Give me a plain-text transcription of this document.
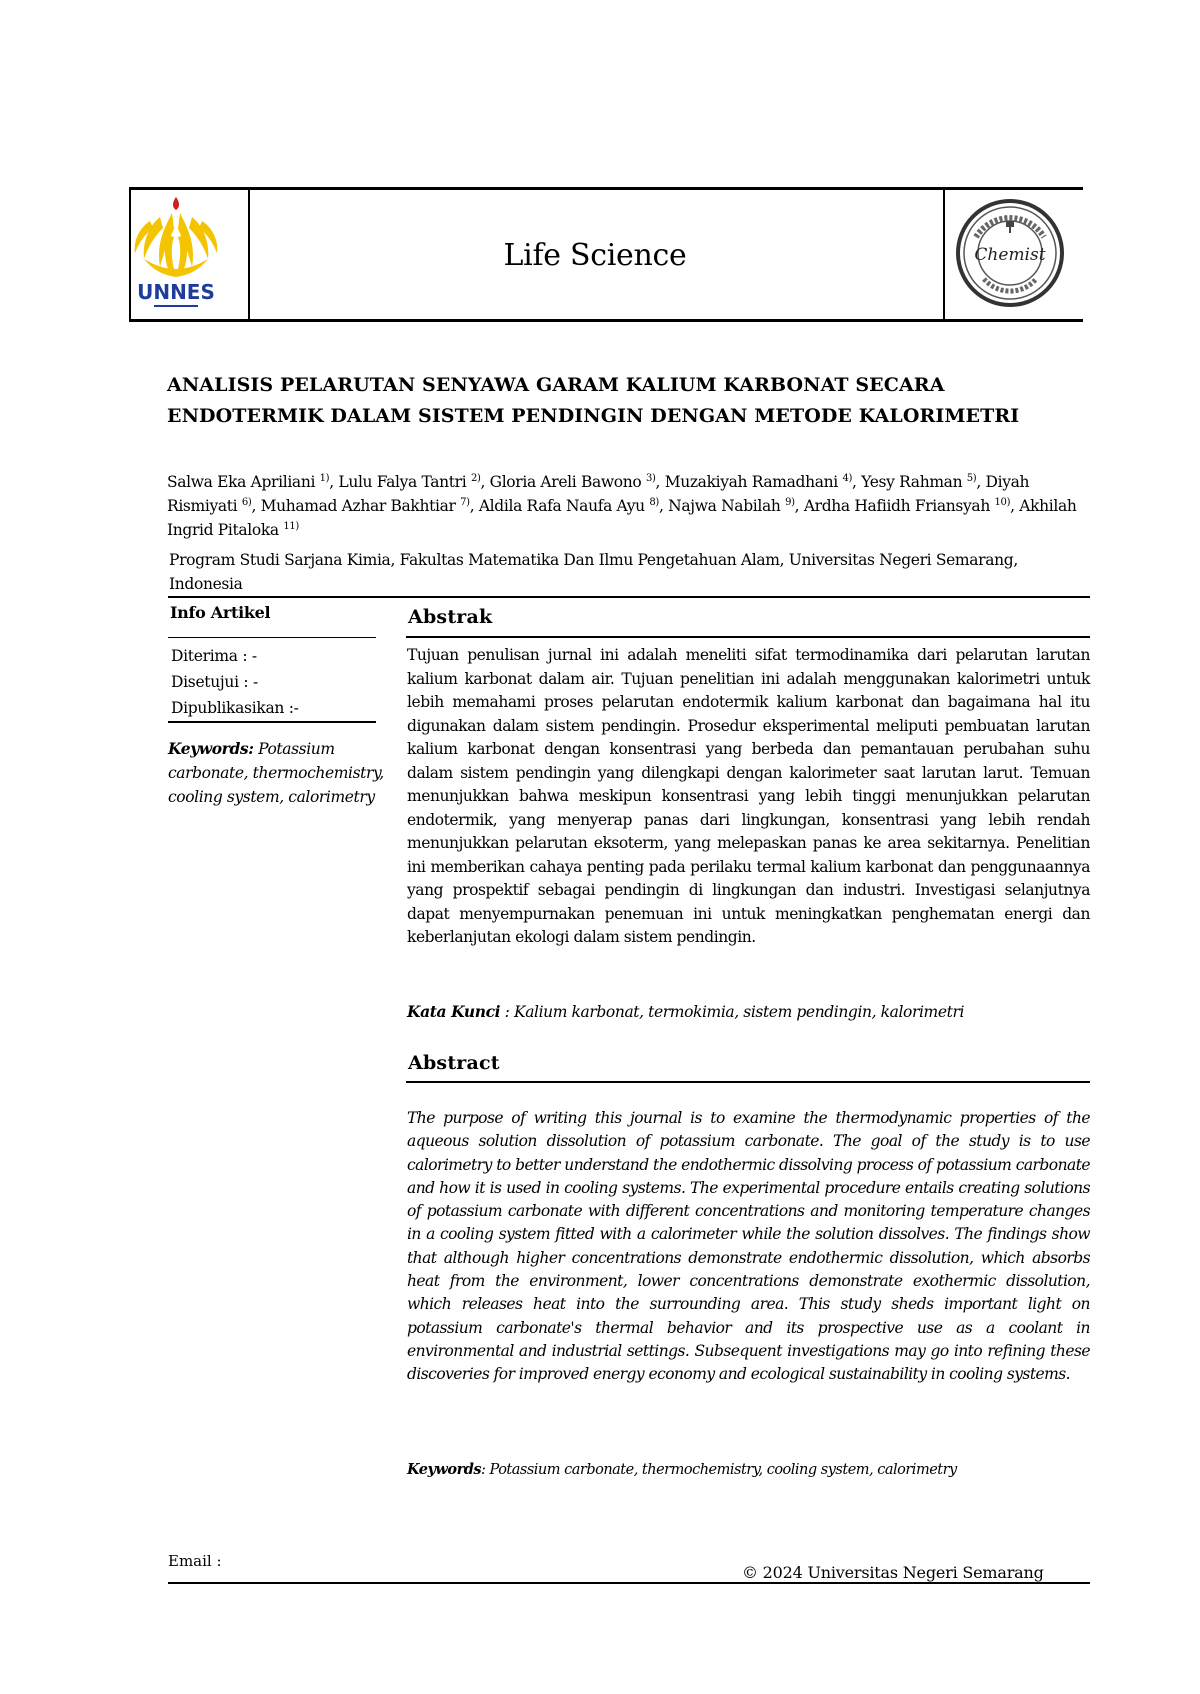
UNNES
Life Science	Chemist
ANALISIS PELARUTAN SENYAWA GARAM KALIUM KARBONAT SECARA ENDOTERMIK DALAM SISTEM PENDINGIN DENGAN METODE KALORIMETRI
Salwa Eka Apriliani $^{1)}$, Lulu Falya Tantri $^{2)}$, Gloria Areli Bawono $^{3)}$, Muzakiyah Ramadhani $^{4)}$, Yesy Rahman $^{5)}$, Diyah Rismiyati $^{6)}$, Muhamad Azhar Bakhtiar $^{7)}$, Aldila Rafa Naufa Ayu $^{8)}$, Najwa Nabilah $^{9)}$, Ardha Hafiidh Friansyah $^{10)}$, Akhilah Ingrid Pitaloka $^{11)}$
Program Studi Sarjana Kimia, Fakultas Matematika Dan Ilmu Pengetahuan Alam, Universitas Negeri Semarang, Indonesia
Info Artikel
Diterima : -
Disetujui : -
Dipublikasikan :-
Keywords: Potassium carbonate, thermochemistry, cooling system, calorimetry
Abstrak
Tujuan penulisan jurnal ini adalah meneliti sifat termodinamika dari pelarutan larutan kalium karbonat dalam air. Tujuan penelitian ini adalah menggunakan kalorimetri untuk lebih memahami proses pelarutan endotermik kalium karbonat dan bagaimana hal itu digunakan dalam sistem pendingin. Prosedur eksperimental meliputi pembuatan larutan kalium karbonat dengan konsentrasi yang berbeda dan pemantauan perubahan suhu dalam sistem pendingin yang dilengkapi dengan kalorimeter saat larutan larut. Temuan menunjukkan bahwa meskipun konsentrasi yang lebih tinggi menunjukkan pelarutan endotermik, yang menyerap panas dari lingkungan, konsentrasi yang lebih rendah menunjukkan pelarutan eksoterm, yang melepaskan panas ke area sekitarnya. Penelitian ini memberikan cahaya penting pada perilaku termal kalium karbonat dan penggunaannya yang prospektif sebagai pendingin di lingkungan dan industri. Investigasi selanjutnya dapat menyempurnakan penemuan ini untuk meningkatkan penghematan energi dan keberlanjutan ekologi dalam sistem pendingin.
Kata Kunci : Kalium karbonat, termokimia, sistem pendingin, kalorimetri
Abstract
The purpose of writing this journal is to examine the thermodynamic properties of the aqueous solution dissolution of potassium carbonate. The goal of the study is to use calorimetry to better understand the endothermic dissolving process of potassium carbonate and how it is used in cooling systems. The experimental procedure entails creating solutions of potassium carbonate with different concentrations and monitoring temperature changes in a cooling system fitted with a calorimeter while the solution dissolves. The findings show that although higher concentrations demonstrate endothermic dissolution, which absorbs heat from the environment, lower concentrations demonstrate exothermic dissolution, which releases heat into the surrounding area. This study sheds important light on potassium carbonate's thermal behavior and its prospective use as a coolant in environmental and industrial settings. Subsequent investigations may go into refining these discoveries for improved energy economy and ecological sustainability in cooling systems.
Keywords: Potassium carbonate, thermochemistry, cooling system, calorimetry
Email :
© 2024 Universitas Negeri Semarang
